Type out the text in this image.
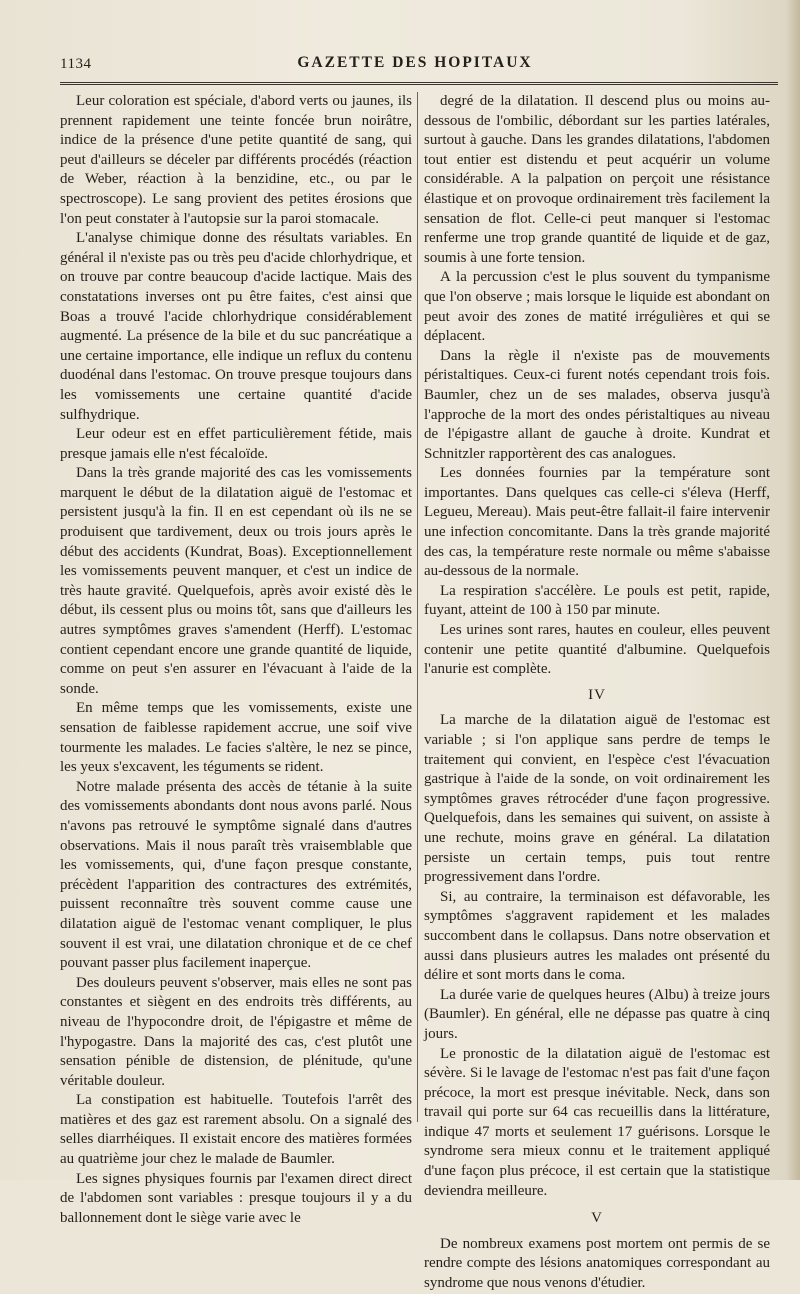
1134	GAZETTE DES HOPITAUX

Leur coloration est spéciale, d'abord verts ou jaunes, ils prennent rapidement une teinte foncée brun noirâtre, indice de la présence d'une petite quantité de sang, qui peut d'ailleurs se déceler par différents procédés (réaction de Weber, réaction à la benzidine, etc., ou par le spectroscope). Le sang provient des petites érosions que l'on peut constater à l'autopsie sur la paroi stomacale.

L'analyse chimique donne des résultats variables. En général il n'existe pas ou très peu d'acide chlorhydrique, et on trouve par contre beaucoup d'acide lactique. Mais des constatations inverses ont pu être faites, c'est ainsi que Boas a trouvé l'acide chlorhydrique considérablement augmenté. La présence de la bile et du suc pancréatique a une certaine importance, elle indique un reflux du contenu duodénal dans l'estomac. On trouve presque toujours dans les vomissements une certaine quantité d'acide sulfhydrique.

Leur odeur est en effet particulièrement fétide, mais presque jamais elle n'est fécaloïde.

Dans la très grande majorité des cas les vomissements marquent le début de la dilatation aiguë de l'estomac et persistent jusqu'à la fin. Il en est cependant où ils ne se produisent que tardivement, deux ou trois jours après le début des accidents (Kundrat, Boas). Exceptionnellement les vomissements peuvent manquer, et c'est un indice de très haute gravité. Quelquefois, après avoir existé dès le début, ils cessent plus ou moins tôt, sans que d'ailleurs les autres symptômes graves s'amendent (Herff). L'estomac contient cependant encore une grande quantité de liquide, comme on peut s'en assurer en l'évacuant à l'aide de la sonde.

En même temps que les vomissements, existe une sensation de faiblesse rapidement accrue, une soif vive tourmente les malades. Le facies s'altère, le nez se pince, les yeux s'excavent, les téguments se rident.

Notre malade présenta des accès de tétanie à la suite des vomissements abondants dont nous avons parlé. Nous n'avons pas retrouvé le symptôme signalé dans d'autres observations. Mais il nous paraît très vraisemblable que les vomissements, qui, d'une façon presque constante, précèdent l'apparition des contractures des extrémités, puissent reconnaître très souvent comme cause une dilatation aiguë de l'estomac venant compliquer, le plus souvent il est vrai, une dilatation chronique et de ce chef pouvant passer plus facilement inaperçue.

Des douleurs peuvent s'observer, mais elles ne sont pas constantes et siègent en des endroits très différents, au niveau de l'hypocondre droit, de l'épigastre et même de l'hypogastre. Dans la majorité des cas, c'est plutôt une sensation pénible de distension, de plénitude, qu'une véritable douleur.

La constipation est habituelle. Toutefois l'arrêt des matières et des gaz est rarement absolu. On a signalé des selles diarrhéiques. Il existait encore des matières formées au quatrième jour chez le malade de Baumler.

Les signes physiques fournis par l'examen direct direct de l'abdomen sont variables : presque toujours il y a du ballonnement dont le siège varie avec le

degré de la dilatation. Il descend plus ou moins au-dessous de l'ombilic, débordant sur les parties latérales, surtout à gauche. Dans les grandes dilatations, l'abdomen tout entier est distendu et peut acquérir un volume considérable. A la palpation on perçoit une résistance élastique et on provoque ordinairement très facilement la sensation de flot. Celle-ci peut manquer si l'estomac renferme une trop grande quantité de liquide et de gaz, soumis à une forte tension.

A la percussion c'est le plus souvent du tympanisme que l'on observe ; mais lorsque le liquide est abondant on peut avoir des zones de matité irrégulières et qui se déplacent.

Dans la règle il n'existe pas de mouvements péristaltiques. Ceux-ci furent notés cependant trois fois. Baumler, chez un de ses malades, observa jusqu'à l'approche de la mort des ondes péristaltiques au niveau de l'épigastre allant de gauche à droite. Kundrat et Schnitzler rapportèrent des cas analogues.

Les données fournies par la température sont importantes. Dans quelques cas celle-ci s'éleva (Herff, Legueu, Mereau). Mais peut-être fallait-il faire intervenir une infection concomitante. Dans la très grande majorité des cas, la température reste normale ou même s'abaisse au-dessous de la normale.

La respiration s'accélère. Le pouls est petit, rapide, fuyant, atteint de 100 à 150 par minute.

Les urines sont rares, hautes en couleur, elles peuvent contenir une petite quantité d'albumine. Quelquefois l'anurie est complète.

IV

La marche de la dilatation aiguë de l'estomac est variable ; si l'on applique sans perdre de temps le traitement qui convient, en l'espèce c'est l'évacuation gastrique à l'aide de la sonde, on voit ordinairement les symptômes graves rétrocéder d'une façon progressive. Quelquefois, dans les semaines qui suivent, on assiste à une rechute, moins grave en général. La dilatation persiste un certain temps, puis tout rentre progressivement dans l'ordre.

Si, au contraire, la terminaison est défavorable, les symptômes s'aggravent rapidement et les malades succombent dans le collapsus. Dans notre observation et aussi dans plusieurs autres les malades ont présenté du délire et sont morts dans le coma.

La durée varie de quelques heures (Albu) à treize jours (Baumler). En général, elle ne dépasse pas quatre à cinq jours.

Le pronostic de la dilatation aiguë de l'estomac est sévère. Si le lavage de l'estomac n'est pas fait d'une façon précoce, la mort est presque inévitable. Neck, dans son travail qui porte sur 64 cas recueillis dans la littérature, indique 47 morts et seulement 17 guérisons. Lorsque le syndrome sera mieux connu et le traitement appliqué d'une façon plus précoce, il est certain que la statistique deviendra meilleure.

V

De nombreux examens post mortem ont permis de se rendre compte des lésions anatomiques correspondant au syndrome que nous venons d'étudier.
